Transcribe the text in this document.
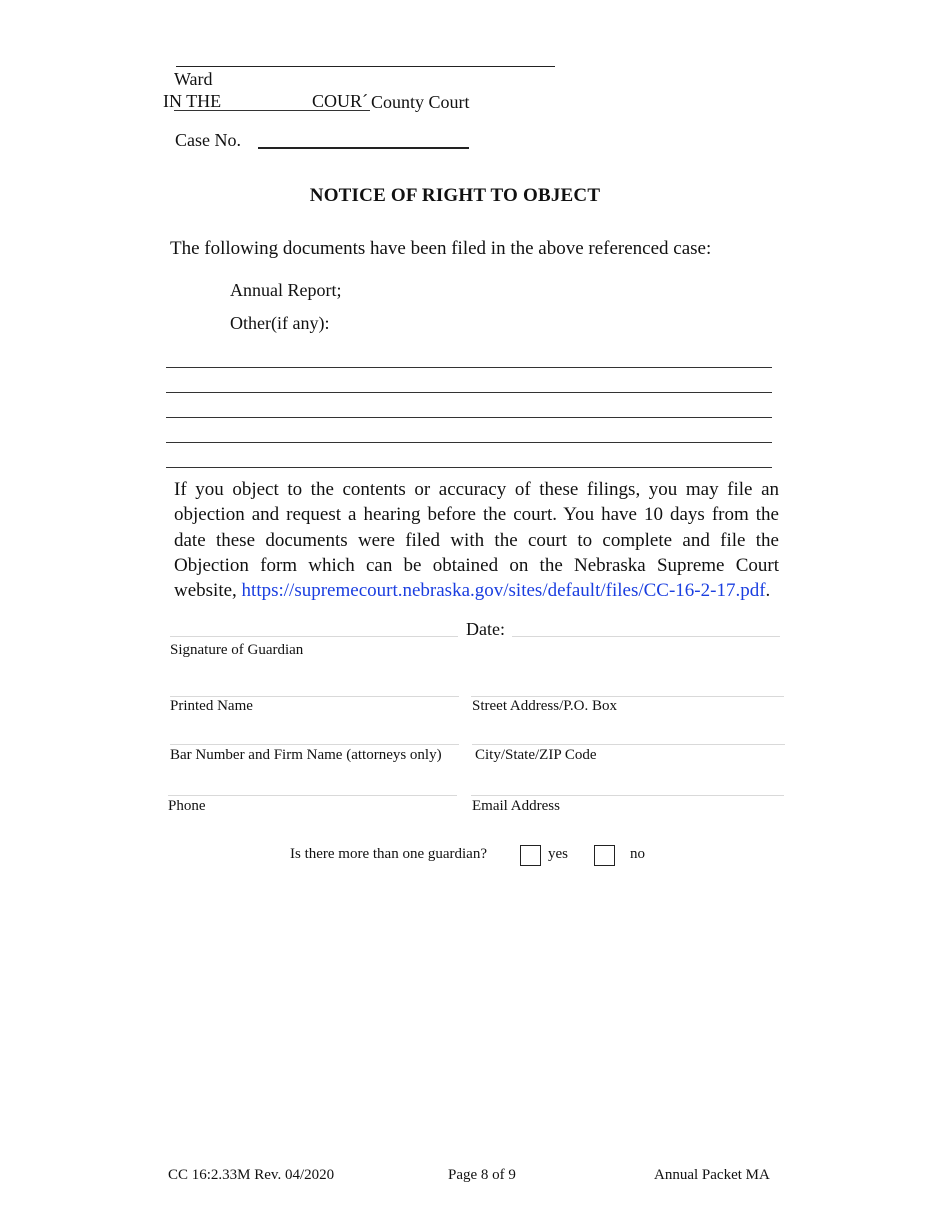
Ward
IN THE	COUR´ County Court
Case No.
NOTICE OF RIGHT TO OBJECT
The following documents have been filed in the above referenced case:
Annual Report;
Other(if any):
If you object to the contents or accuracy of these filings, you may file an objection and request a hearing before the court. You have 10 days from the date these documents were filed with the court to complete and file the Objection form which can be obtained on the Nebraska Supreme Court website, https://supremecourt.nebraska.gov/sites/default/files/CC-16-2-17.pdf.
Date:
Signature of Guardian
Printed Name	Street Address/P.O. Box
Bar Number and Firm Name (attorneys only) City/State/ZIP Code
Phone	Email Address
Is there more than one guardian?	yes	no
CC 16:2.33M Rev. 04/2020	Page 8 of 9	Annual Packet MA
